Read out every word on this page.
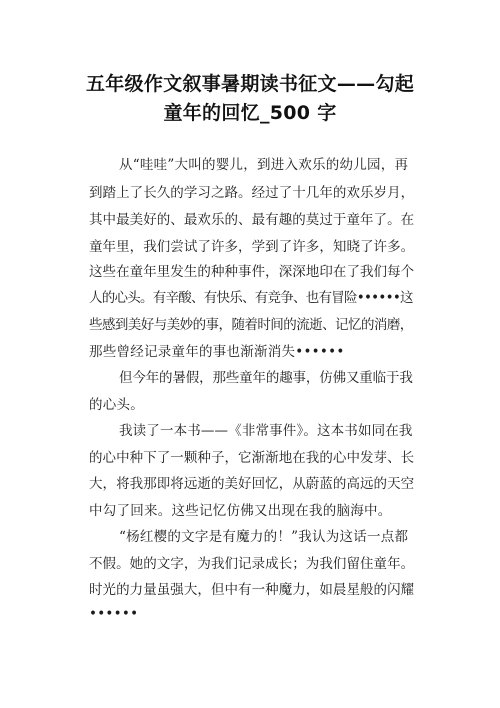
五年级作文叙事暑期读书征文——勾起
童年的回忆_500 字
从“哇哇”大叫的婴儿，到进入欢乐的幼儿园，再
到踏上了长久的学习之路。经过了十几年的欢乐岁月，
其中最美好的、最欢乐的、最有趣的莫过于童年了。在
童年里，我们尝试了许多，学到了许多，知晓了许多。
这些在童年里发生的种种事件，深深地印在了我们每个
人的心头。有辛酸、有快乐、有竞争、也有冒险••••••这
些感到美好与美妙的事，随着时间的流逝、记忆的消磨，
那些曾经记录童年的事也渐渐消失••••••
但今年的暑假，那些童年的趣事，仿佛又重临于我
的心头。
我读了一本书——《非常事件》。这本书如同在我
的心中种下了一颗种子，它渐渐地在我的心中发芽、长
大，将我那即将远逝的美好回忆，从蔚蓝的高远的天空
中勾了回来。这些记忆仿佛又出现在我的脑海中。
“杨红樱的文字是有魔力的！”我认为这话一点都
不假。她的文字，为我们记录成长；为我们留住童年。
时光的力量虽强大，但中有一种魔力，如晨星般的闪耀
••••••
